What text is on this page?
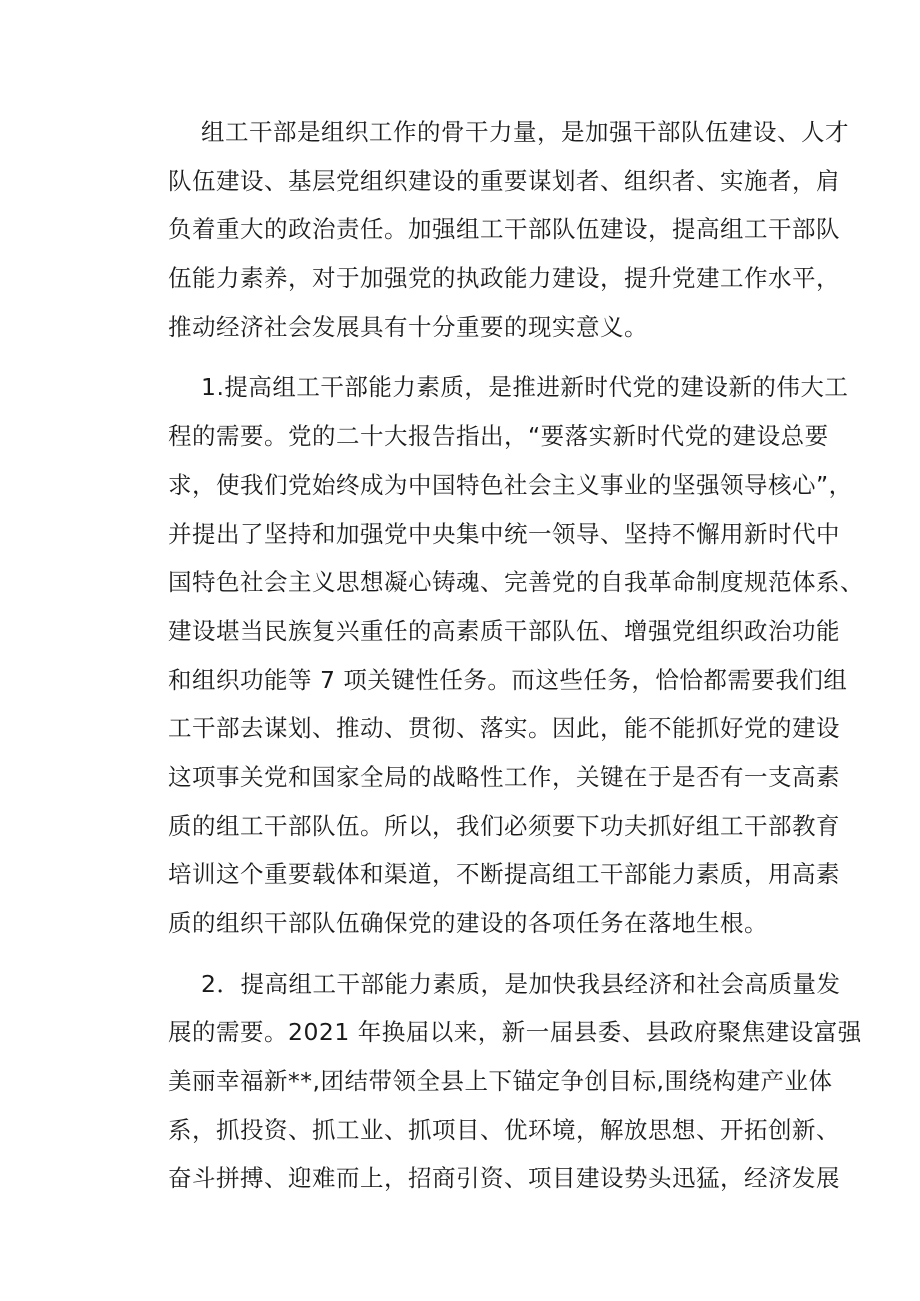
组工干部是组织工作的骨干力量，是加强干部队伍建设、人才
队伍建设、基层党组织建设的重要谋划者、组织者、实施者，肩
负着重大的政治责任。加强组工干部队伍建设，提高组工干部队
伍能力素养，对于加强党的执政能力建设，提升党建工作水平，
推动经济社会发展具有十分重要的现实意义。
1.提高组工干部能力素质，是推进新时代党的建设新的伟大工
程的需要。党的二十大报告指出，“要落实新时代党的建设总要
求，使我们党始终成为中国特色社会主义事业的坚强领导核心”，
并提出了坚持和加强党中央集中统一领导、坚持不懈用新时代中
国特色社会主义思想凝心铸魂、完善党的自我革命制度规范体系、
建设堪当民族复兴重任的高素质干部队伍、增强党组织政治功能
和组织功能等 7 项关键性任务。而这些任务，恰恰都需要我们组
工干部去谋划、推动、贯彻、落实。因此，能不能抓好党的建设
这项事关党和国家全局的战略性工作，关键在于是否有一支高素
质的组工干部队伍。所以，我们必须要下功夫抓好组工干部教育
培训这个重要载体和渠道，不断提高组工干部能力素质，用高素
质的组织干部队伍确保党的建设的各项任务在落地生根。
2．提高组工干部能力素质，是加快我县经济和社会高质量发
展的需要。2021 年换届以来，新一届县委、县政府聚焦建设富强
美丽幸福新**,团结带领全县上下锚定争创目标,围绕构建产业体
系，抓投资、抓工业、抓项目、优环境，解放思想、开拓创新、
奋斗拼搏、迎难而上，招商引资、项目建设势头迅猛，经济发展
